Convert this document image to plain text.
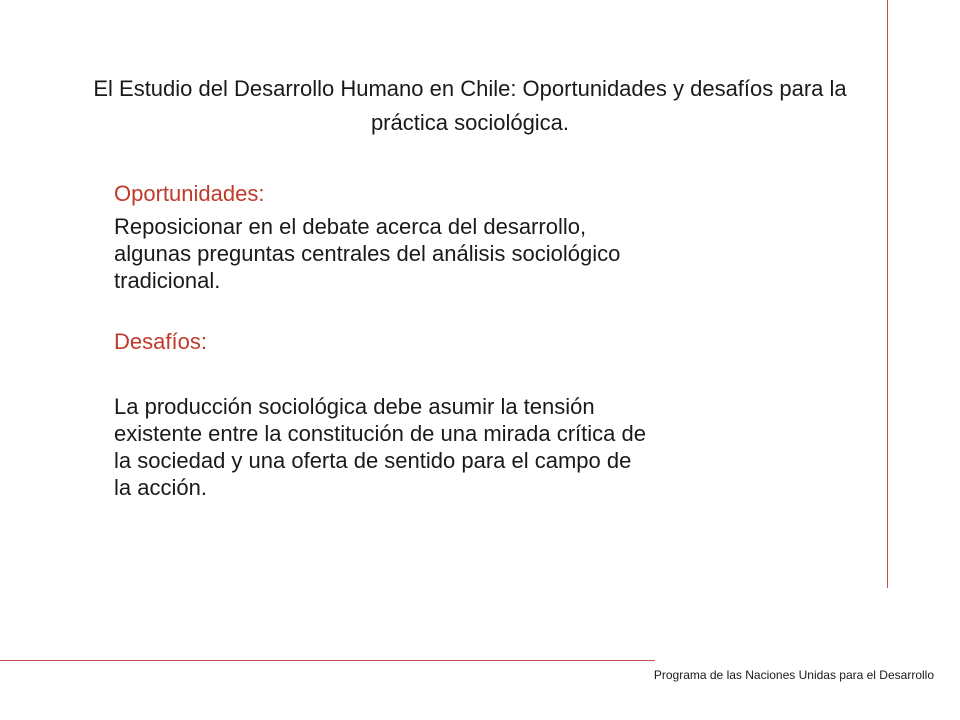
El Estudio del Desarrollo Humano en Chile: Oportunidades y desafíos para la práctica sociológica.
Oportunidades:
Reposicionar en el debate acerca del desarrollo,
algunas preguntas centrales del análisis sociológico
tradicional.
Desafíos:
La producción sociológica debe asumir la tensión
existente entre la constitución de una mirada crítica de
la sociedad y una oferta de sentido para el campo de
la acción.
Programa de las Naciones Unidas para el Desarrollo
